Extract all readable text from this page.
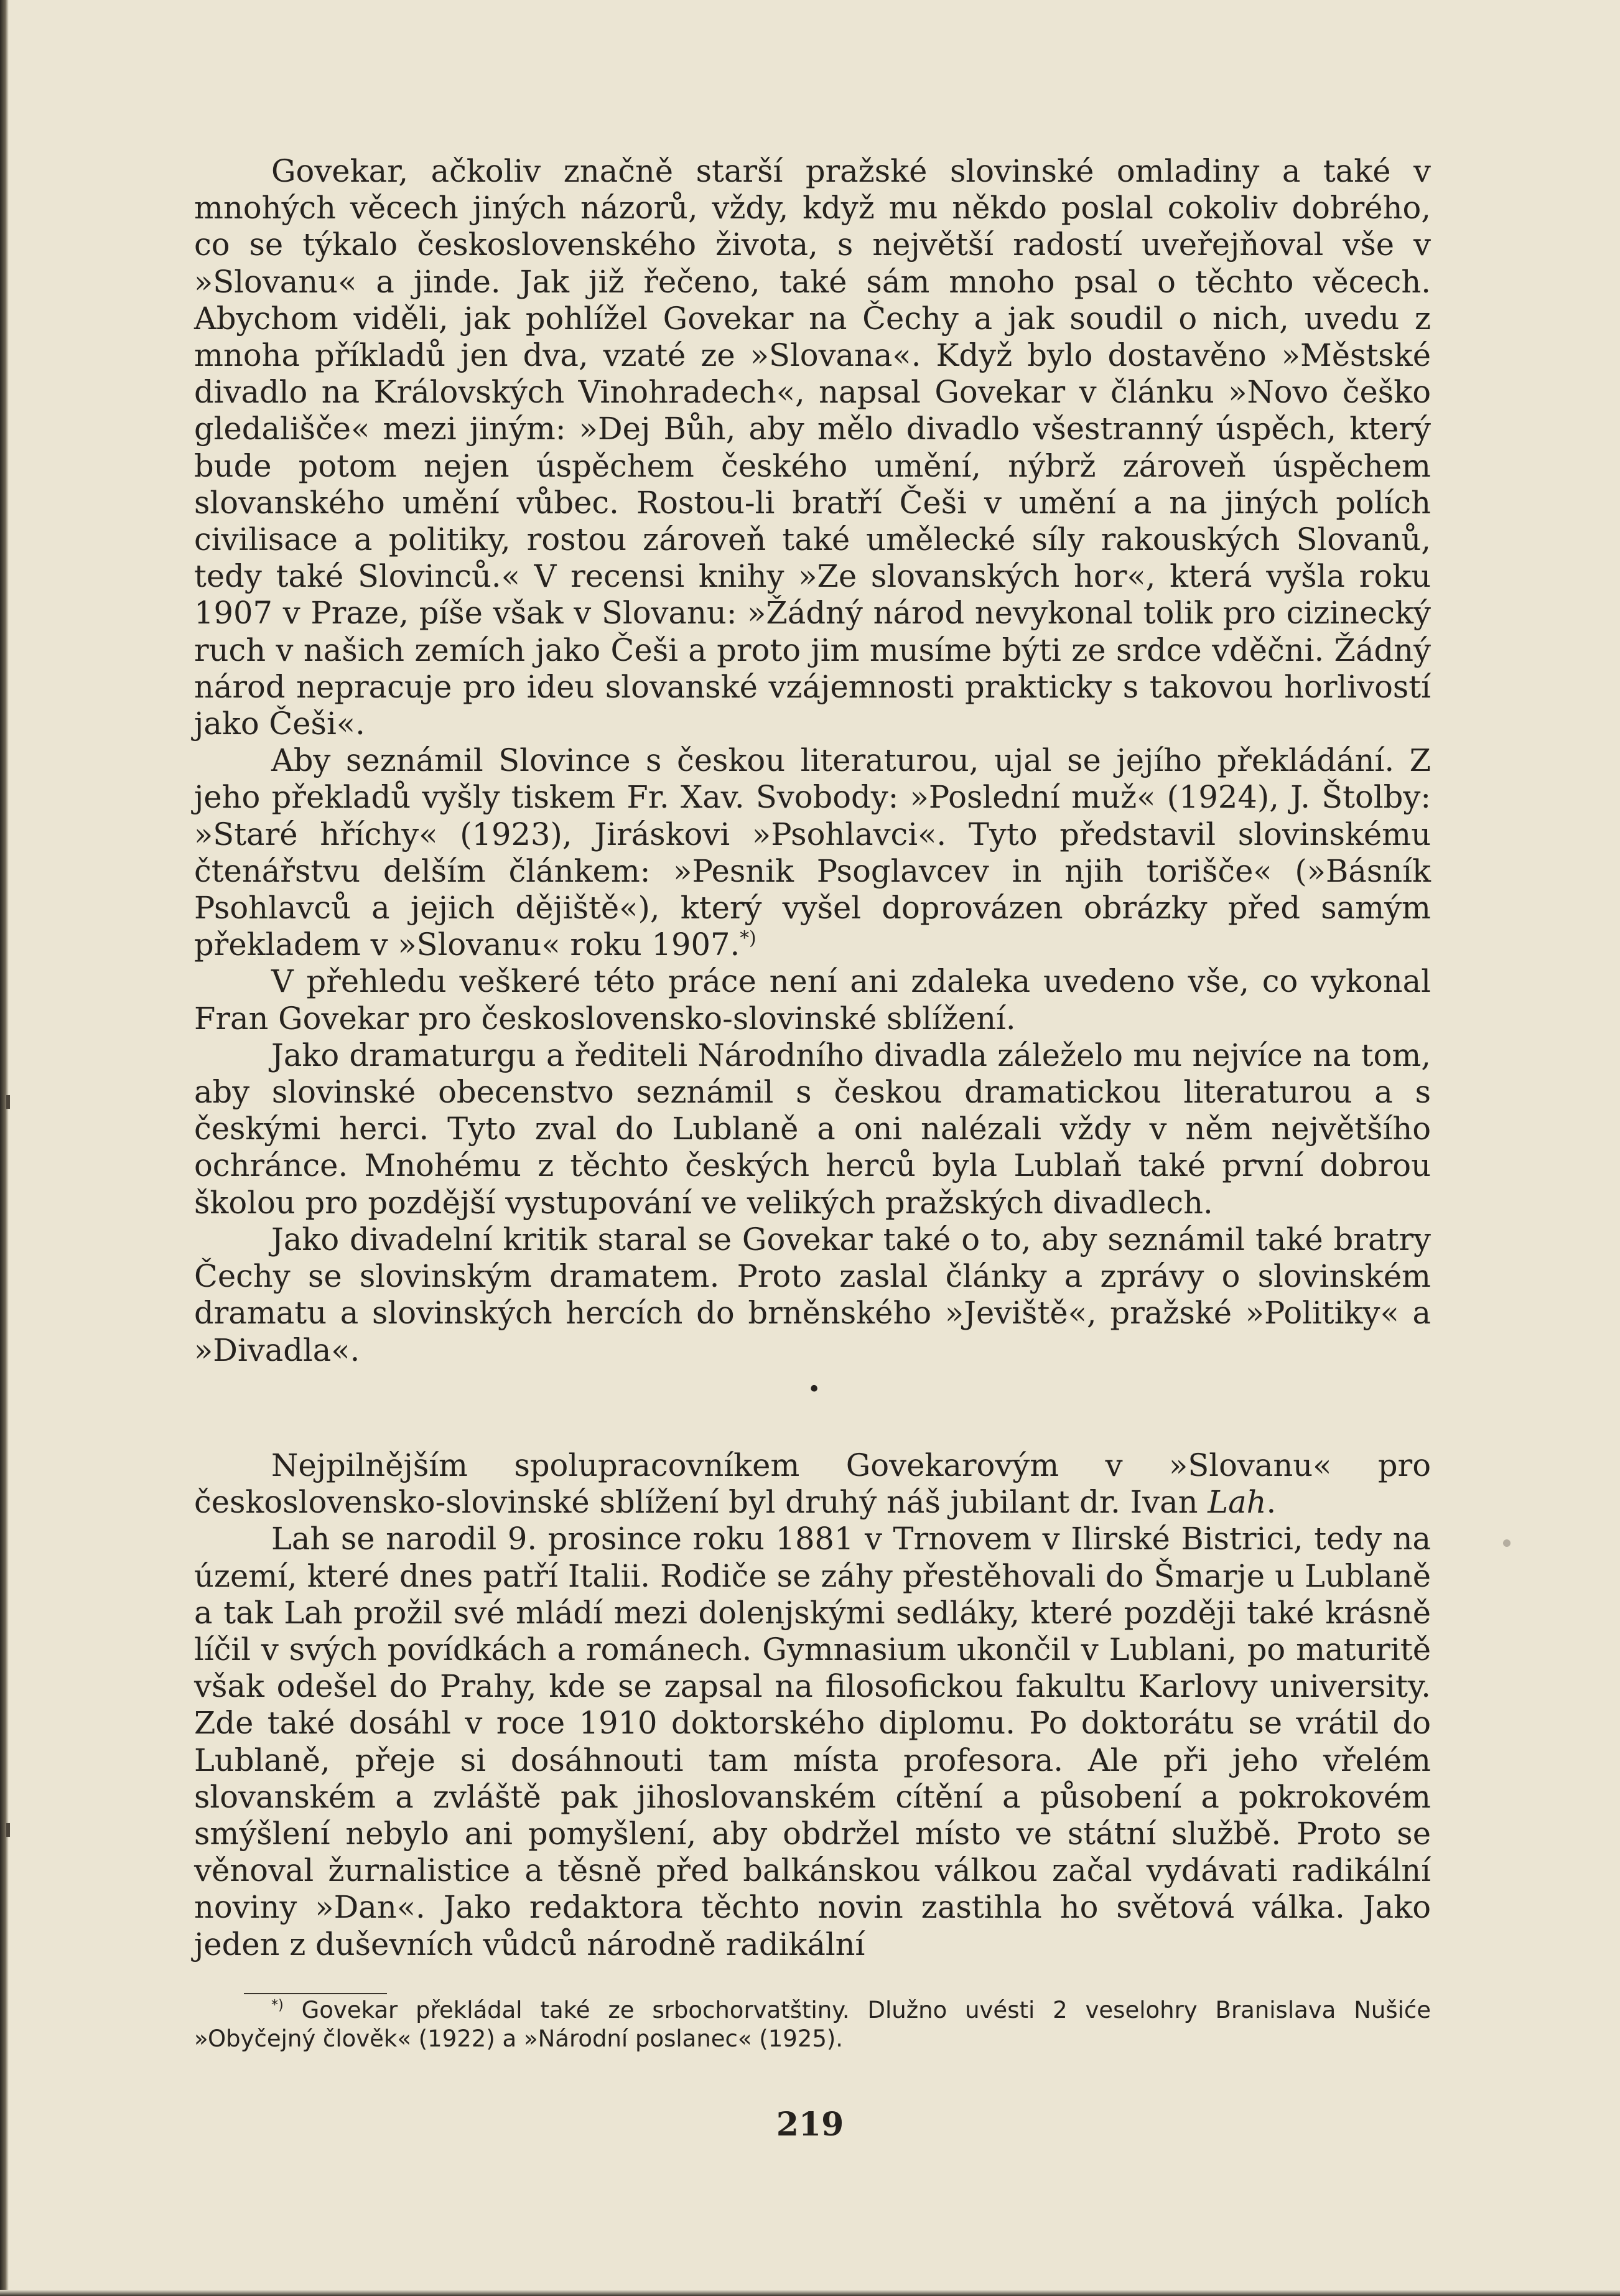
Govekar, ačkoliv značně starší pražské slovinské omladiny a také v mnohých věcech jiných názorů, vždy, když mu někdo poslal cokoliv dobrého, co se týkalo československého života, s největší radostí uveřejňoval vše v »Slovanu« a jinde. Jak již řečeno, také sám mnoho psal o těchto věcech. Abychom viděli, jak pohlížel Govekar na Čechy a jak soudil o nich, uvedu z mnoha příkladů jen dva, vzaté ze »Slovana«. Když bylo dostavěno »Městské divadlo na Královských Vinohradech«, napsal Govekar v článku »Novo češko gledališče« mezi jiným: »Dej Bůh, aby mělo divadlo všestranný úspěch, který bude potom nejen úspěchem českého umění, nýbrž zároveň úspěchem slovanského umění vůbec. Rostou-li bratří Češi v umění a na jiných polích civilisace a politiky, rostou zároveň také umělecké síly rakouských Slovanů, tedy také Slovinců.« V recensi knihy »Ze slovanských hor«, která vyšla roku 1907 v Praze, píše však v Slovanu: »Žádný národ nevykonal tolik pro cizinecký ruch v našich zemích jako Češi a proto jim musíme býti ze srdce vděčni. Žádný národ nepracuje pro ideu slovanské vzájemnosti prakticky s takovou horlivostí jako Češi«.

Aby seznámil Slovince s českou literaturou, ujal se jejího překládání. Z jeho překladů vyšly tiskem Fr. Xav. Svobody: »Poslední muž« (1924), J. Štolby: »Staré hříchy« (1923), Jiráskovi »Psohlavci«. Tyto představil slovinskému čtenářstvu delším článkem: »Pesnik Psoglavcev in njih torišče« (»Básník Psohlavců a jejich dějiště«), který vyšel doprovázen obrázky před samým překladem v »Slovanu« roku 1907.*)

V přehledu veškeré této práce není ani zdaleka uvedeno vše, co vykonal Fran Govekar pro československo-slovinské sblížení.

Jako dramaturgu a řediteli Národního divadla záleželo mu nejvíce na tom, aby slovinské obecenstvo seznámil s českou dramatickou literaturou a s českými herci. Tyto zval do Lublaně a oni nalézali vždy v něm největšího ochránce. Mnohému z těchto českých herců byla Lublaň také první dobrou školou pro pozdější vystupování ve velikých pražských divadlech.

Jako divadelní kritik staral se Govekar také o to, aby seznámil také bratry Čechy se slovinským dramatem. Proto zaslal články a zprávy o slovinském dramatu a slovinských hercích do brněnského »Jeviště«, pražské »Politiky« a »Divadla«.

•

Nejpilnějším spolupracovníkem Govekarovým v »Slovanu« pro československo-slovinské sblížení byl druhý náš jubilant dr. Ivan Lah.

Lah se narodil 9. prosince roku 1881 v Trnovem v Ilirské Bistrici, tedy na území, které dnes patří Italii. Rodiče se záhy přestěhovali do Šmarje u Lublaně a tak Lah prožil své mládí mezi dolenjskými sedláky, které později také krásně líčil v svých povídkách a románech. Gymnasium ukončil v Lublani, po maturitě však odešel do Prahy, kde se zapsal na filosofickou fakultu Karlovy university. Zde také dosáhl v roce 1910 doktorského diplomu. Po doktorátu se vrátil do Lublaně, přeje si dosáhnouti tam místa profesora. Ale při jeho vřelém slovanském a zvláště pak jihoslovanském cítění a působení a pokrokovém smýšlení nebylo ani pomyšlení, aby obdržel místo ve státní službě. Proto se věnoval žurnalistice a těsně před balkánskou válkou začal vydávati radikální noviny »Dan«. Jako redaktora těchto novin zastihla ho světová válka. Jako jeden z duševních vůdců národně radikální

*) Govekar překládal také ze srbochorvatštiny. Dlužno uvésti 2 veselohry Branislava Nušiće »Obyčejný člověk« (1922) a »Národní poslanec« (1925).
219
